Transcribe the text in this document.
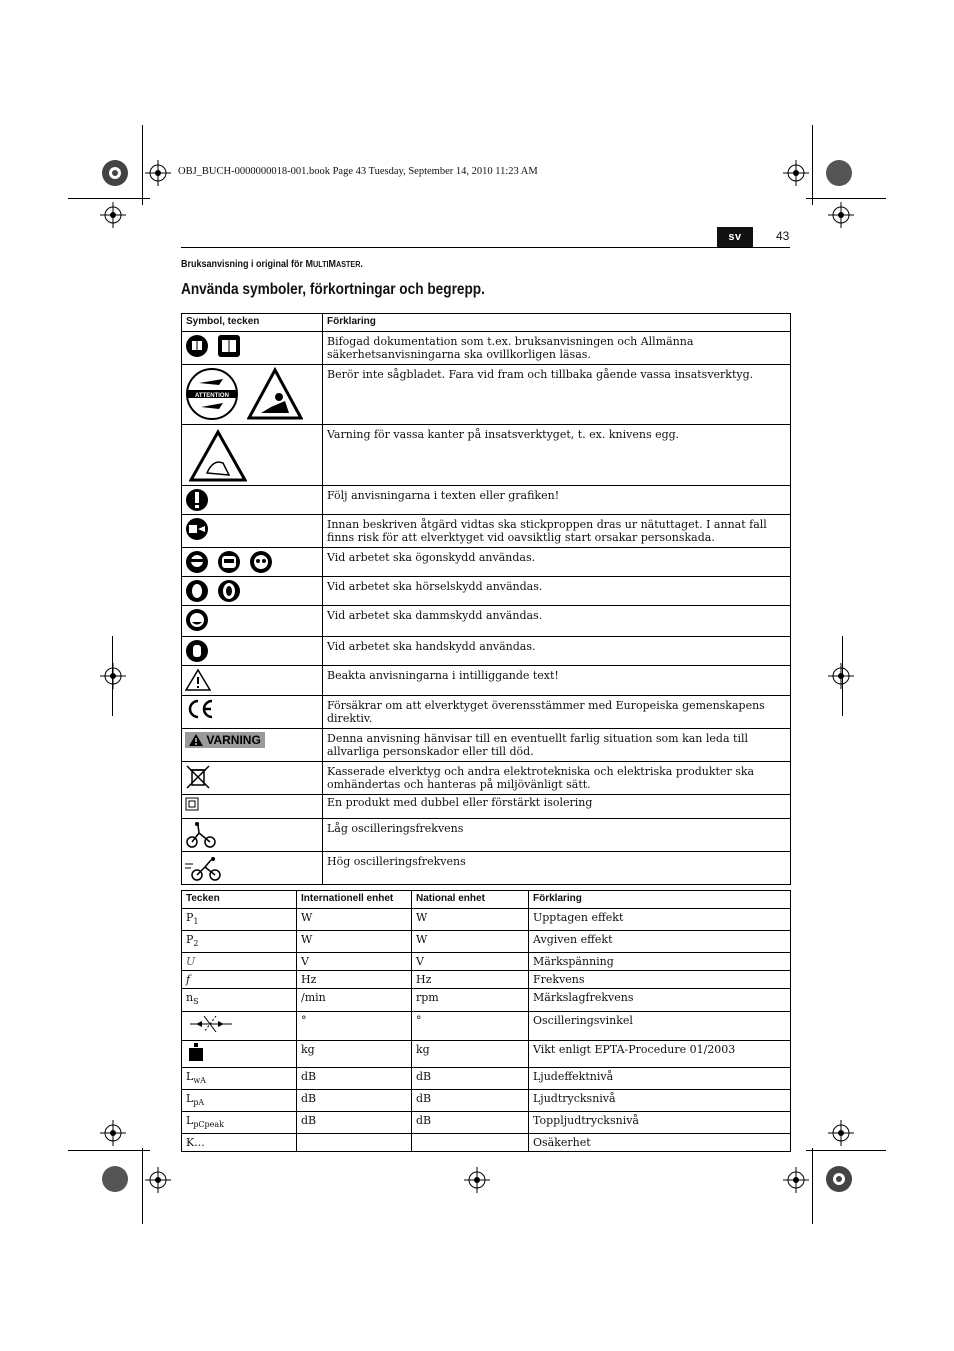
OBJ_BUCH-0000000018-001.book Page 43 Tuesday, September 14, 2010 11:23 AM
sv	43
Bruksanvisning i original för MULTIMASTER.
Använda symboler, förkortningar och begrepp.
Symbol, tecken	Förklaring
	Bifogad dokumentation som t.ex. bruksanvisningen och Allmänna säkerhetsanvisningarna ska ovillkorligen läsas.

ATTENTION	Berör inte sågbladet. Fara vid fram och tillbaka gående vassa insatsverktyg.
	Varning för vassa kanter på insatsverktyget, t. ex. knivens egg.
	Följ anvisningarna i texten eller grafiken!
	Innan beskriven åtgärd vidtas ska stickproppen dras ur nätuttaget. I annat fall finns risk för att elverktyget vid oavsiktlig start orsakar personskada.
	Vid arbetet ska ögonskydd användas.
	Vid arbetet ska hörselskydd användas.
	Vid arbetet ska dammskydd användas.
	Vid arbetet ska handskydd användas.
	Beakta anvisningarna i intilliggande text!
	Försäkrar om att elverktyget överensstämmer med Europeiska gemenskapens direktiv.

VARNING	Denna anvisning hänvisar till en eventuellt farlig situation som kan leda till allvarliga personskador eller till död.
	Kasserade elverktyg och andra elektrotekniska och elektriska produkter ska omhändertas och hanteras på miljövänligt sätt.
	En produkt med dubbel eller förstärkt isolering
	Låg oscilleringsfrekvens
	Hög oscilleringsfrekvens
Tecken	Internationell enhet	National enhet	Förklaring
$P_1$	W	W	Upptagen effekt
$P_2$	W	W	Avgiven effekt
U	V	V	Märkspänning
f	Hz	Hz	Frekvens
$n_S$	/min	rpm	Märkslagfrekvens
	°	°	Oscilleringsvinkel
	kg	kg	Vikt enligt EPTA-Procedure 01/2003
$L_{wA}$	dB	dB	Ljudeffektnivå
$L_{pA}$	dB	dB	Ljudtrycksnivå
$L_{pCpeak}$	dB	dB	Toppljudtrycksnivå
K...			Osäkerhet
